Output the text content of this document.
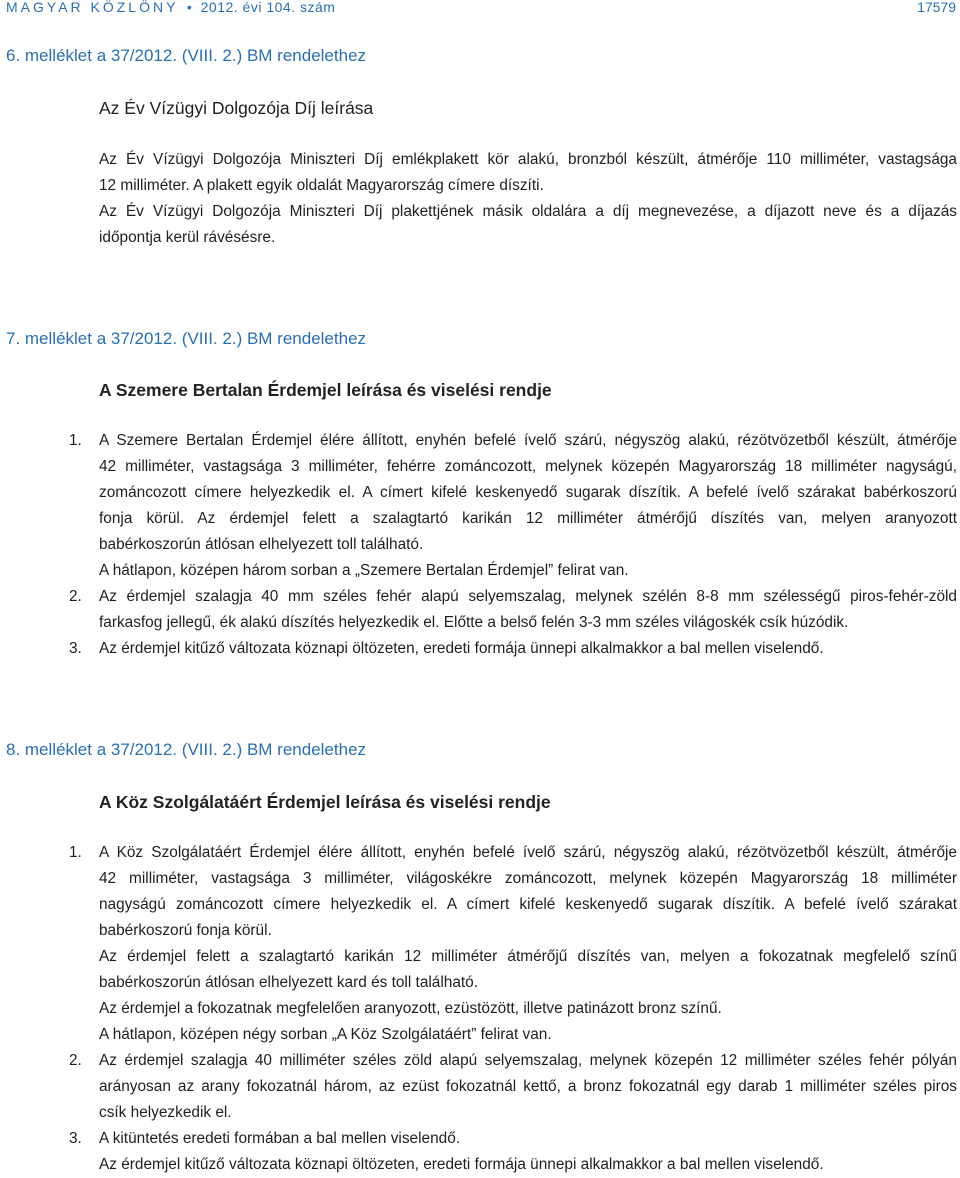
MAGYAR KÖZLÖNY • 2012. évi 104. szám	17579
6. melléklet a 37/2012. (VIII. 2.) BM rendelethez
Az Év Vízügyi Dolgozója Díj leírása
Az Év Vízügyi Dolgozója Miniszteri Díj emlékplakett kör alakú, bronzból készült, átmérője 110 milliméter, vastagsága
12 milliméter. A plakett egyik oldalát Magyarország címere díszíti.
Az Év Vízügyi Dolgozója Miniszteri Díj plakettjének másik oldalára a díj megnevezése, a díjazott neve és a díjazás
időpontja kerül rávésésre.
7. melléklet a 37/2012. (VIII. 2.) BM rendelethez
A Szemere Bertalan Érdemjel leírása és viselési rendje
1.	A Szemere Bertalan Érdemjel élére állított, enyhén befelé ívelő szárú, négyszög alakú, rézötvözetből készült, átmérője
42 milliméter, vastagsága 3 milliméter, fehérre zománcozott, melynek közepén Magyarország 18 milliméter nagyságú,
zománcozott címere helyezkedik el. A címert kifelé keskenyedő sugarak díszítik. A befelé ívelő szárakat babérkoszorú
fonja körül. Az érdemjel felett a szalagtartó karikán 12 milliméter átmérőjű díszítés van, melyen aranyozott
babérkoszorún átlósan elhelyezett toll található.
A hátlapon, középen három sorban a „Szemere Bertalan Érdemjel” felirat van.
2.	Az érdemjel szalagja 40 mm széles fehér alapú selyemszalag, melynek szélén 8-8 mm szélességű piros-fehér-zöld
farkasfog jellegű, ék alakú díszítés helyezkedik el. Előtte a belső felén 3-3 mm széles világoskék csík húzódik.
3.	Az érdemjel kitűző változata köznapi öltözeten, eredeti formája ünnepi alkalmakkor a bal mellen viselendő.
8. melléklet a 37/2012. (VIII. 2.) BM rendelethez
A Köz Szolgálatáért Érdemjel leírása és viselési rendje
1.	A Köz Szolgálatáért Érdemjel élére állított, enyhén befelé ívelő szárú, négyszög alakú, rézötvözetből készült, átmérője
42 milliméter, vastagsága 3 milliméter, világoskékre zománcozott, melynek közepén Magyarország 18 milliméter
nagyságú zománcozott címere helyezkedik el. A címert kifelé keskenyedő sugarak díszítik. A befelé ívelő szárakat
babérkoszorú fonja körül.
Az érdemjel felett a szalagtartó karikán 12 milliméter átmérőjű díszítés van, melyen a fokozatnak megfelelő színű
babérkoszorún átlósan elhelyezett kard és toll található.
Az érdemjel a fokozatnak megfelelően aranyozott, ezüstözött, illetve patinázott bronz színű.
A hátlapon, középen négy sorban „A Köz Szolgálatáért” felirat van.
2.	Az érdemjel szalagja 40 milliméter széles zöld alapú selyemszalag, melynek közepén 12 milliméter széles fehér pólyán
arányosan az arany fokozatnál három, az ezüst fokozatnál kettő, a bronz fokozatnál egy darab 1 milliméter széles piros
csík helyezkedik el.
3.	A kitüntetés eredeti formában a bal mellen viselendő.
Az érdemjel kitűző változata köznapi öltözeten, eredeti formája ünnepi alkalmakkor a bal mellen viselendő.
